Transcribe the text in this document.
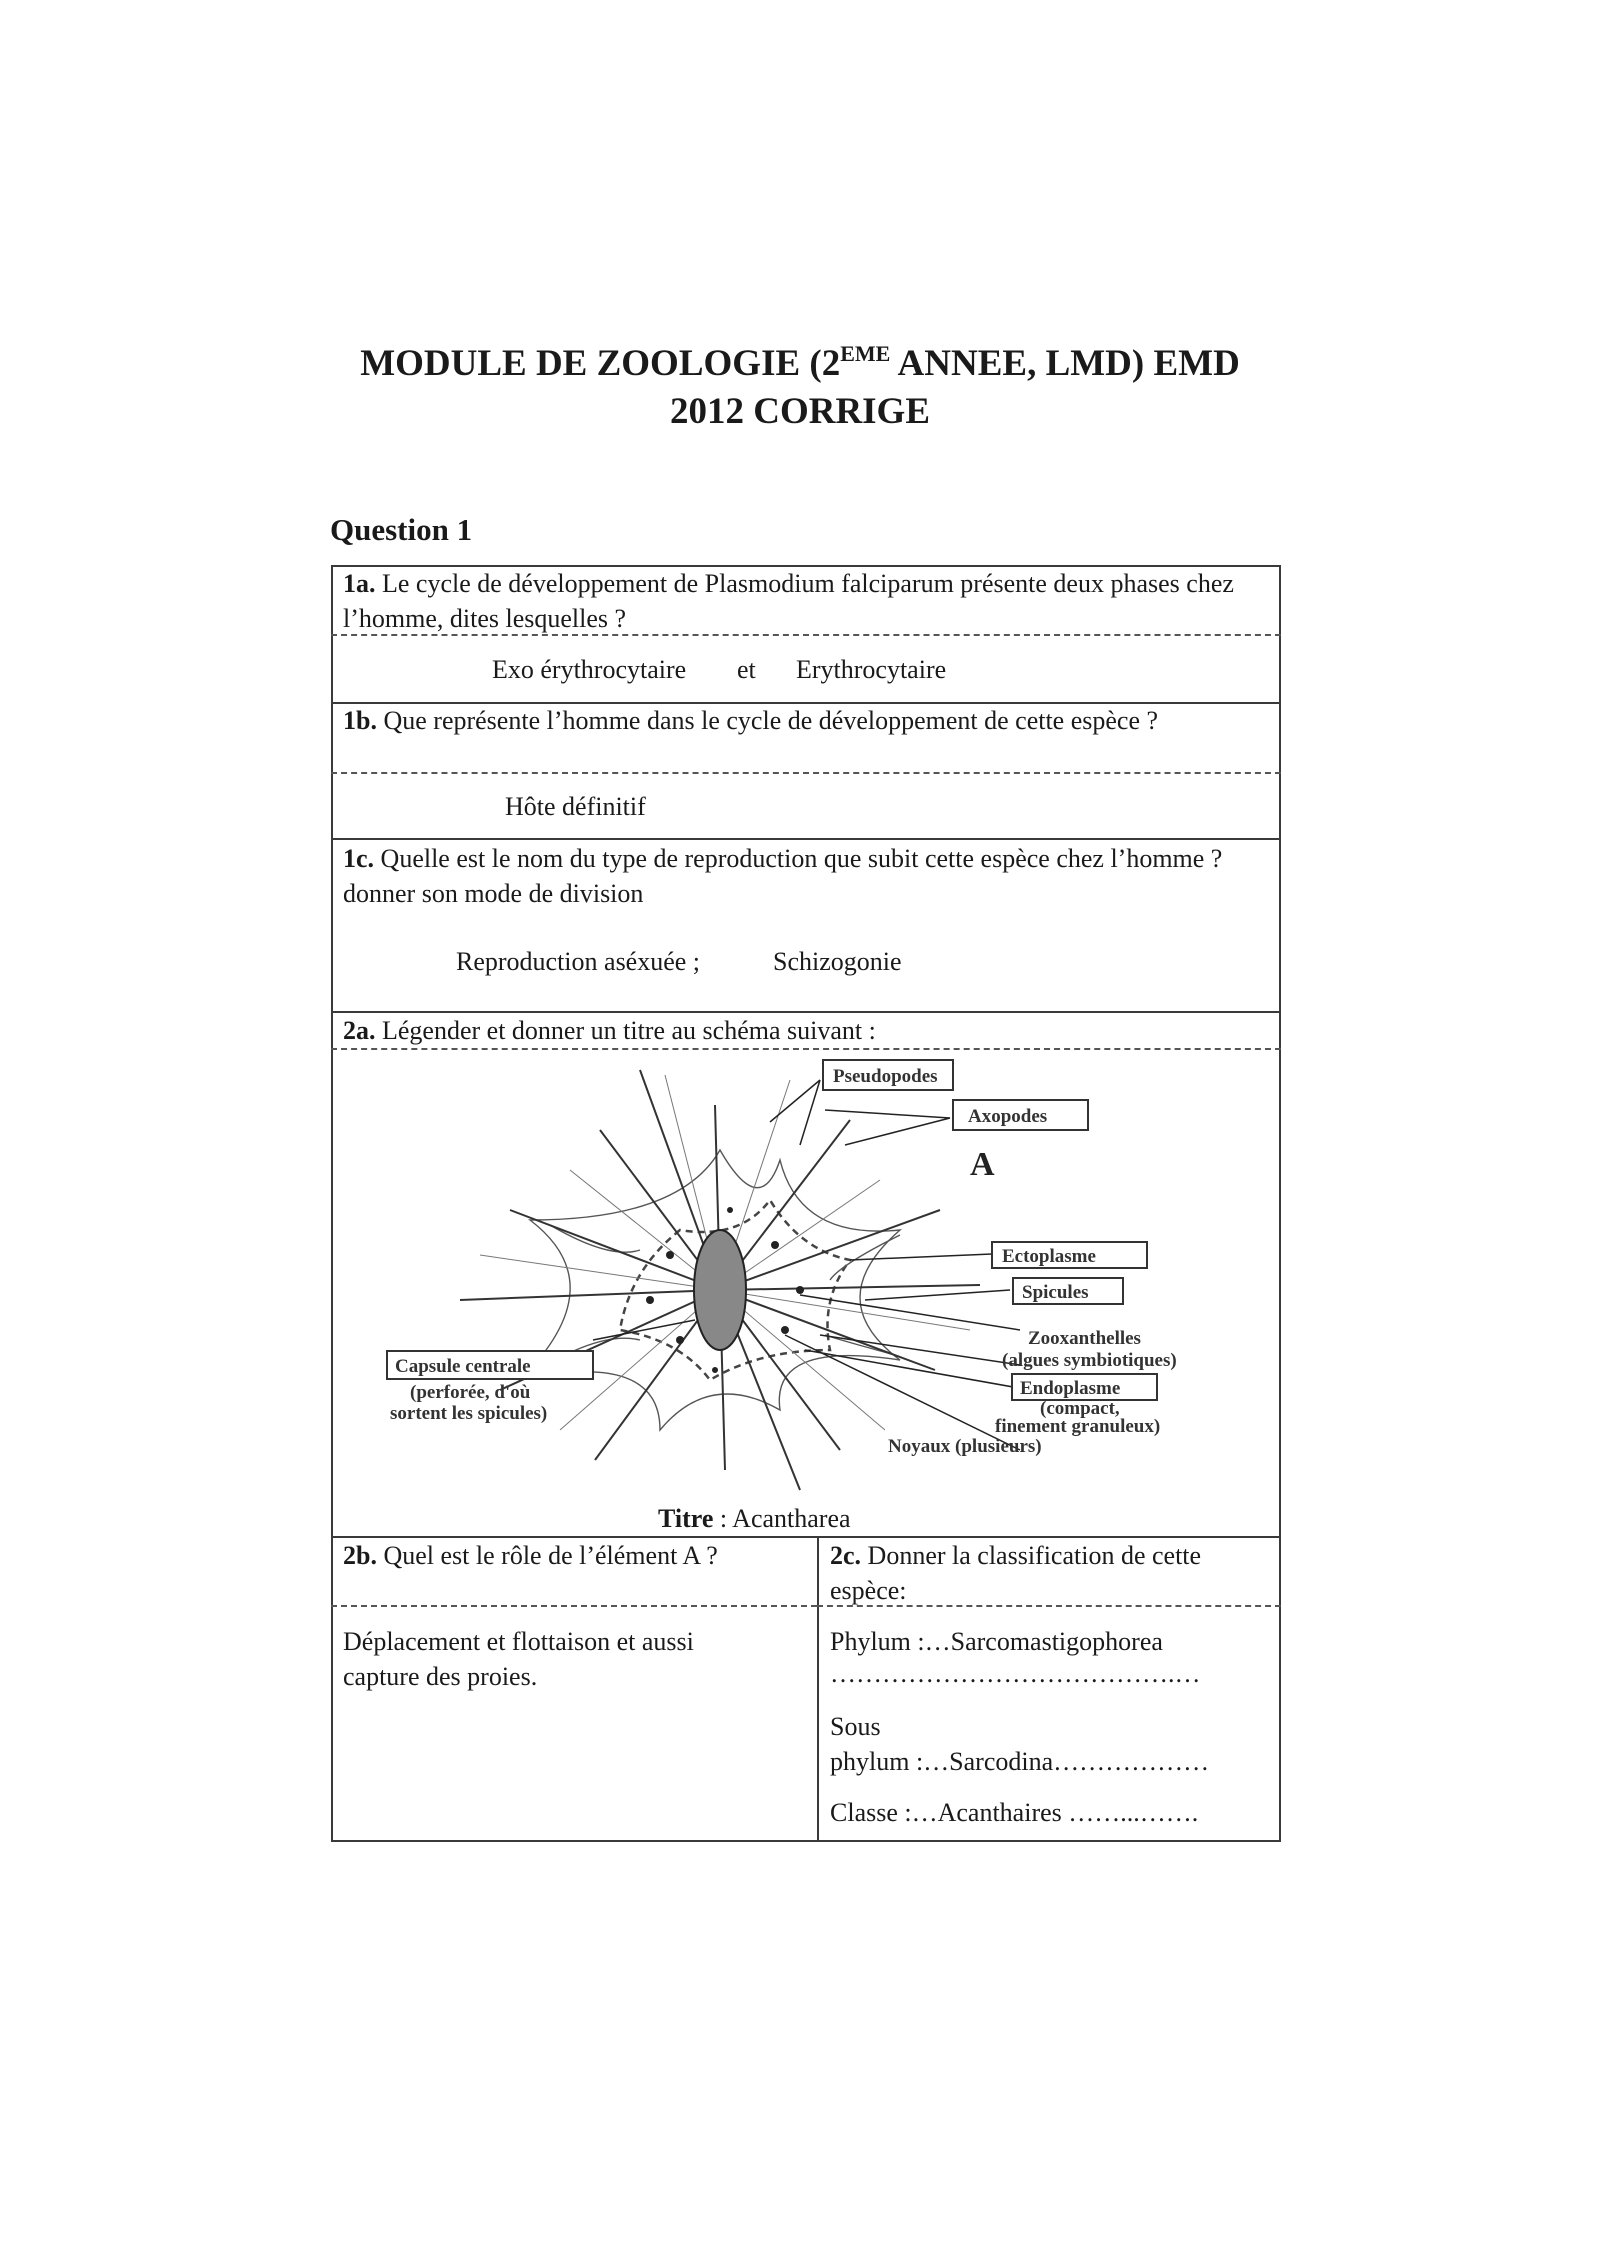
MODULE DE ZOOLOGIE (2EME ANNEE, LMD) EMD
2012 CORRIGE
Question 1
1a. Le cycle de développement de Plasmodium falciparum présente deux phases chez l’homme, dites lesquelles ?
Exo érythrocytaire et Erythrocytaire
1b. Que représente l’homme dans le cycle de développement de cette espèce ?
Hôte définitif
1c. Quelle est le nom du type de reproduction que subit cette espèce chez l’homme ? donner son mode de division
Reproduction aséxuée ;	Schizogonie
2a. Légender et donner un titre au schéma suivant :
Pseudopodes
Axopodes
A
Ectoplasme
Spicules
Zooxanthelles
(algues symbiotiques)
Endoplasme
(compact,
finement granuleux)
Noyaux (plusieurs)
Capsule centrale
(perforée, d'où
sortent les spicules)
Titre : Acantharea
2b. Quel est le rôle de l’élément A ?
Déplacement et flottaison et aussi capture des proies.
2c. Donner la classification de cette espèce:
Phylum :…Sarcomastigophorea
………………………………….…
Sous
phylum :…Sarcodina………………
Classe :…Acanthaires ……...…….
